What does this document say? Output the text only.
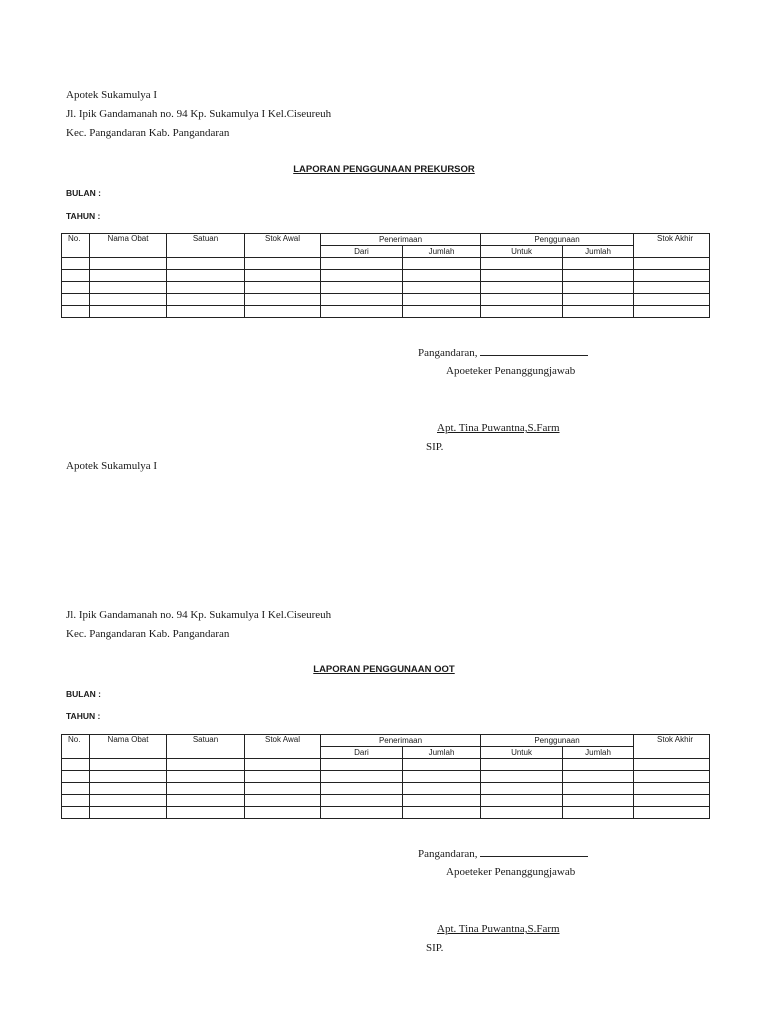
Apotek Sukamulya I
Jl. Ipik Gandamanah no. 94 Kp. Sukamulya I Kel.Ciseureuh
Kec. Pangandaran Kab. Pangandaran
LAPORAN PENGGUNAAN PREKURSOR
BULAN :
TAHUN :
No.	Nama Obat	Satuan	Stok Awal	Penerimaan		Penggunaan		Stok Akhir
				Dari	Jumlah	Untuk	Jumlah	

Pangandaran,
Apoeteker Penanggungjawab
Apt. Tina Puwantna,S.Farm
SIP.
Apotek Sukamulya I
Jl. Ipik Gandamanah no. 94 Kp. Sukamulya I Kel.Ciseureuh
Kec. Pangandaran Kab. Pangandaran
LAPORAN PENGGUNAAN OOT
BULAN :
TAHUN :
No.	Nama Obat	Satuan	Stok Awal	Penerimaan		Penggunaan		Stok Akhir
				Dari	Jumlah	Untuk	Jumlah	

Pangandaran,
Apoeteker Penanggungjawab
Apt. Tina Puwantna,S.Farm
SIP.
